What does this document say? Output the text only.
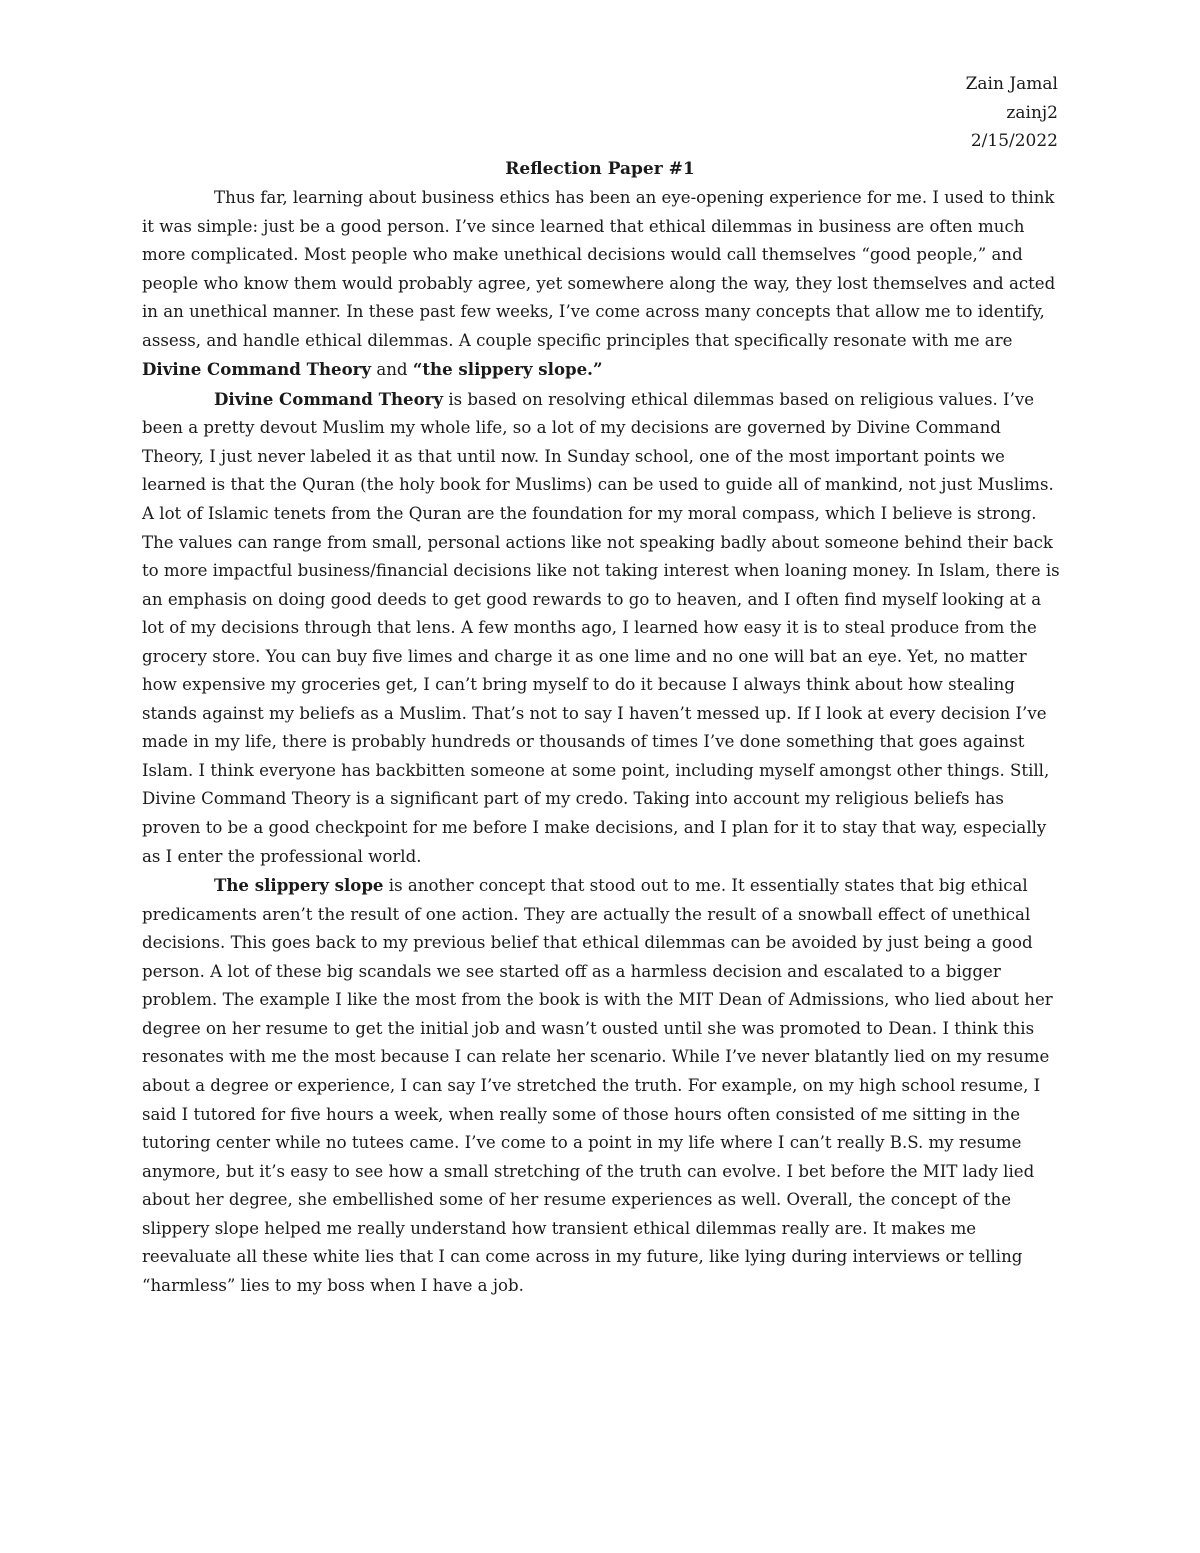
Zain Jamal
zainj2
2/15/2022
Reflection Paper #1

Thus far, learning about business ethics has been an eye-opening experience for me. I used to think it was simple: just be a good person. I’ve since learned that ethical dilemmas in business are often much more complicated. Most people who make unethical decisions would call themselves “good people,” and people who know them would probably agree, yet somewhere along the way, they lost themselves and acted in an unethical manner. In these past few weeks, I’ve come across many concepts that allow me to identify, assess, and handle ethical dilemmas. A couple specific principles that specifically resonate with me are Divine Command Theory and “the slippery slope.”

Divine Command Theory is based on resolving ethical dilemmas based on religious values. I’ve been a pretty devout Muslim my whole life, so a lot of my decisions are governed by Divine Command Theory, I just never labeled it as that until now. In Sunday school, one of the most important points we learned is that the Quran (the holy book for Muslims) can be used to guide all of mankind, not just Muslims. A lot of Islamic tenets from the Quran are the foundation for my moral compass, which I believe is strong. The values can range from small, personal actions like not speaking badly about someone behind their back to more impactful business/financial decisions like not taking interest when loaning money. In Islam, there is an emphasis on doing good deeds to get good rewards to go to heaven, and I often find myself looking at a lot of my decisions through that lens. A few months ago, I learned how easy it is to steal produce from the grocery store. You can buy five limes and charge it as one lime and no one will bat an eye. Yet, no matter how expensive my groceries get, I can’t bring myself to do it because I always think about how stealing stands against my beliefs as a Muslim. That’s not to say I haven’t messed up. If I look at every decision I’ve made in my life, there is probably hundreds or thousands of times I’ve done something that goes against Islam. I think everyone has backbitten someone at some point, including myself amongst other things. Still, Divine Command Theory is a significant part of my credo. Taking into account my religious beliefs has proven to be a good checkpoint for me before I make decisions, and I plan for it to stay that way, especially as I enter the professional world.

The slippery slope is another concept that stood out to me. It essentially states that big ethical predicaments aren’t the result of one action. They are actually the result of a snowball effect of unethical decisions. This goes back to my previous belief that ethical dilemmas can be avoided by just being a good person. A lot of these big scandals we see started off as a harmless decision and escalated to a bigger problem. The example I like the most from the book is with the MIT Dean of Admissions, who lied about her degree on her resume to get the initial job and wasn’t ousted until she was promoted to Dean. I think this resonates with me the most because I can relate her scenario. While I’ve never blatantly lied on my resume about a degree or experience, I can say I’ve stretched the truth. For example, on my high school resume, I said I tutored for five hours a week, when really some of those hours often consisted of me sitting in the tutoring center while no tutees came. I’ve come to a point in my life where I can’t really B.S. my resume anymore, but it’s easy to see how a small stretching of the truth can evolve. I bet before the MIT lady lied about her degree, she embellished some of her resume experiences as well. Overall, the concept of the slippery slope helped me really understand how transient ethical dilemmas really are. It makes me reevaluate all these white lies that I can come across in my future, like lying during interviews or telling “harmless” lies to my boss when I have a job.
